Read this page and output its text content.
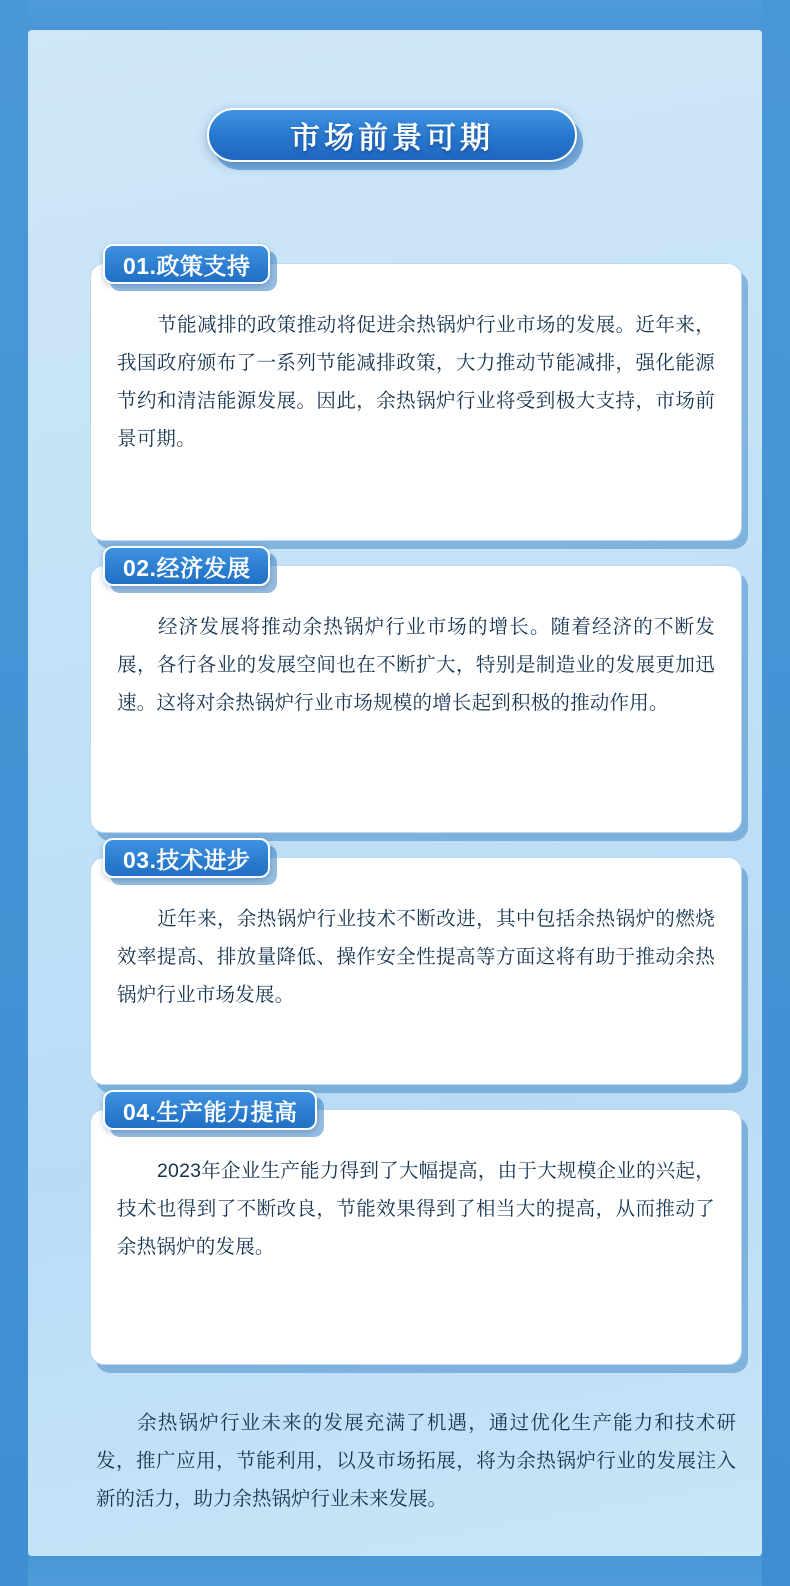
市场前景可期
01.政策支持
节能减排的政策推动将促进余热锅炉行业市场的发展。近年来，我国政府颁布了一系列节能减排政策，大力推动节能减排，强化能源节约和清洁能源发展。因此，余热锅炉行业将受到极大支持，市场前景可期。
02.经济发展
经济发展将推动余热锅炉行业市场的增长。随着经济的不断发展，各行各业的发展空间也在不断扩大，特别是制造业的发展更加迅速。这将对余热锅炉行业市场规模的增长起到积极的推动作用。
03.技术进步
近年来，余热锅炉行业技术不断改进，其中包括余热锅炉的燃烧效率提高、排放量降低、操作安全性提高等方面这将有助于推动余热锅炉行业市场发展。
04.生产能力提高
2023年企业生产能力得到了大幅提高，由于大规模企业的兴起，技术也得到了不断改良，节能效果得到了相当大的提高，从而推动了余热锅炉的发展。
余热锅炉行业未来的发展充满了机遇，通过优化生产能力和技术研发，推广应用，节能利用，以及市场拓展，将为余热锅炉行业的发展注入新的活力，助力余热锅炉行业未来发展。
